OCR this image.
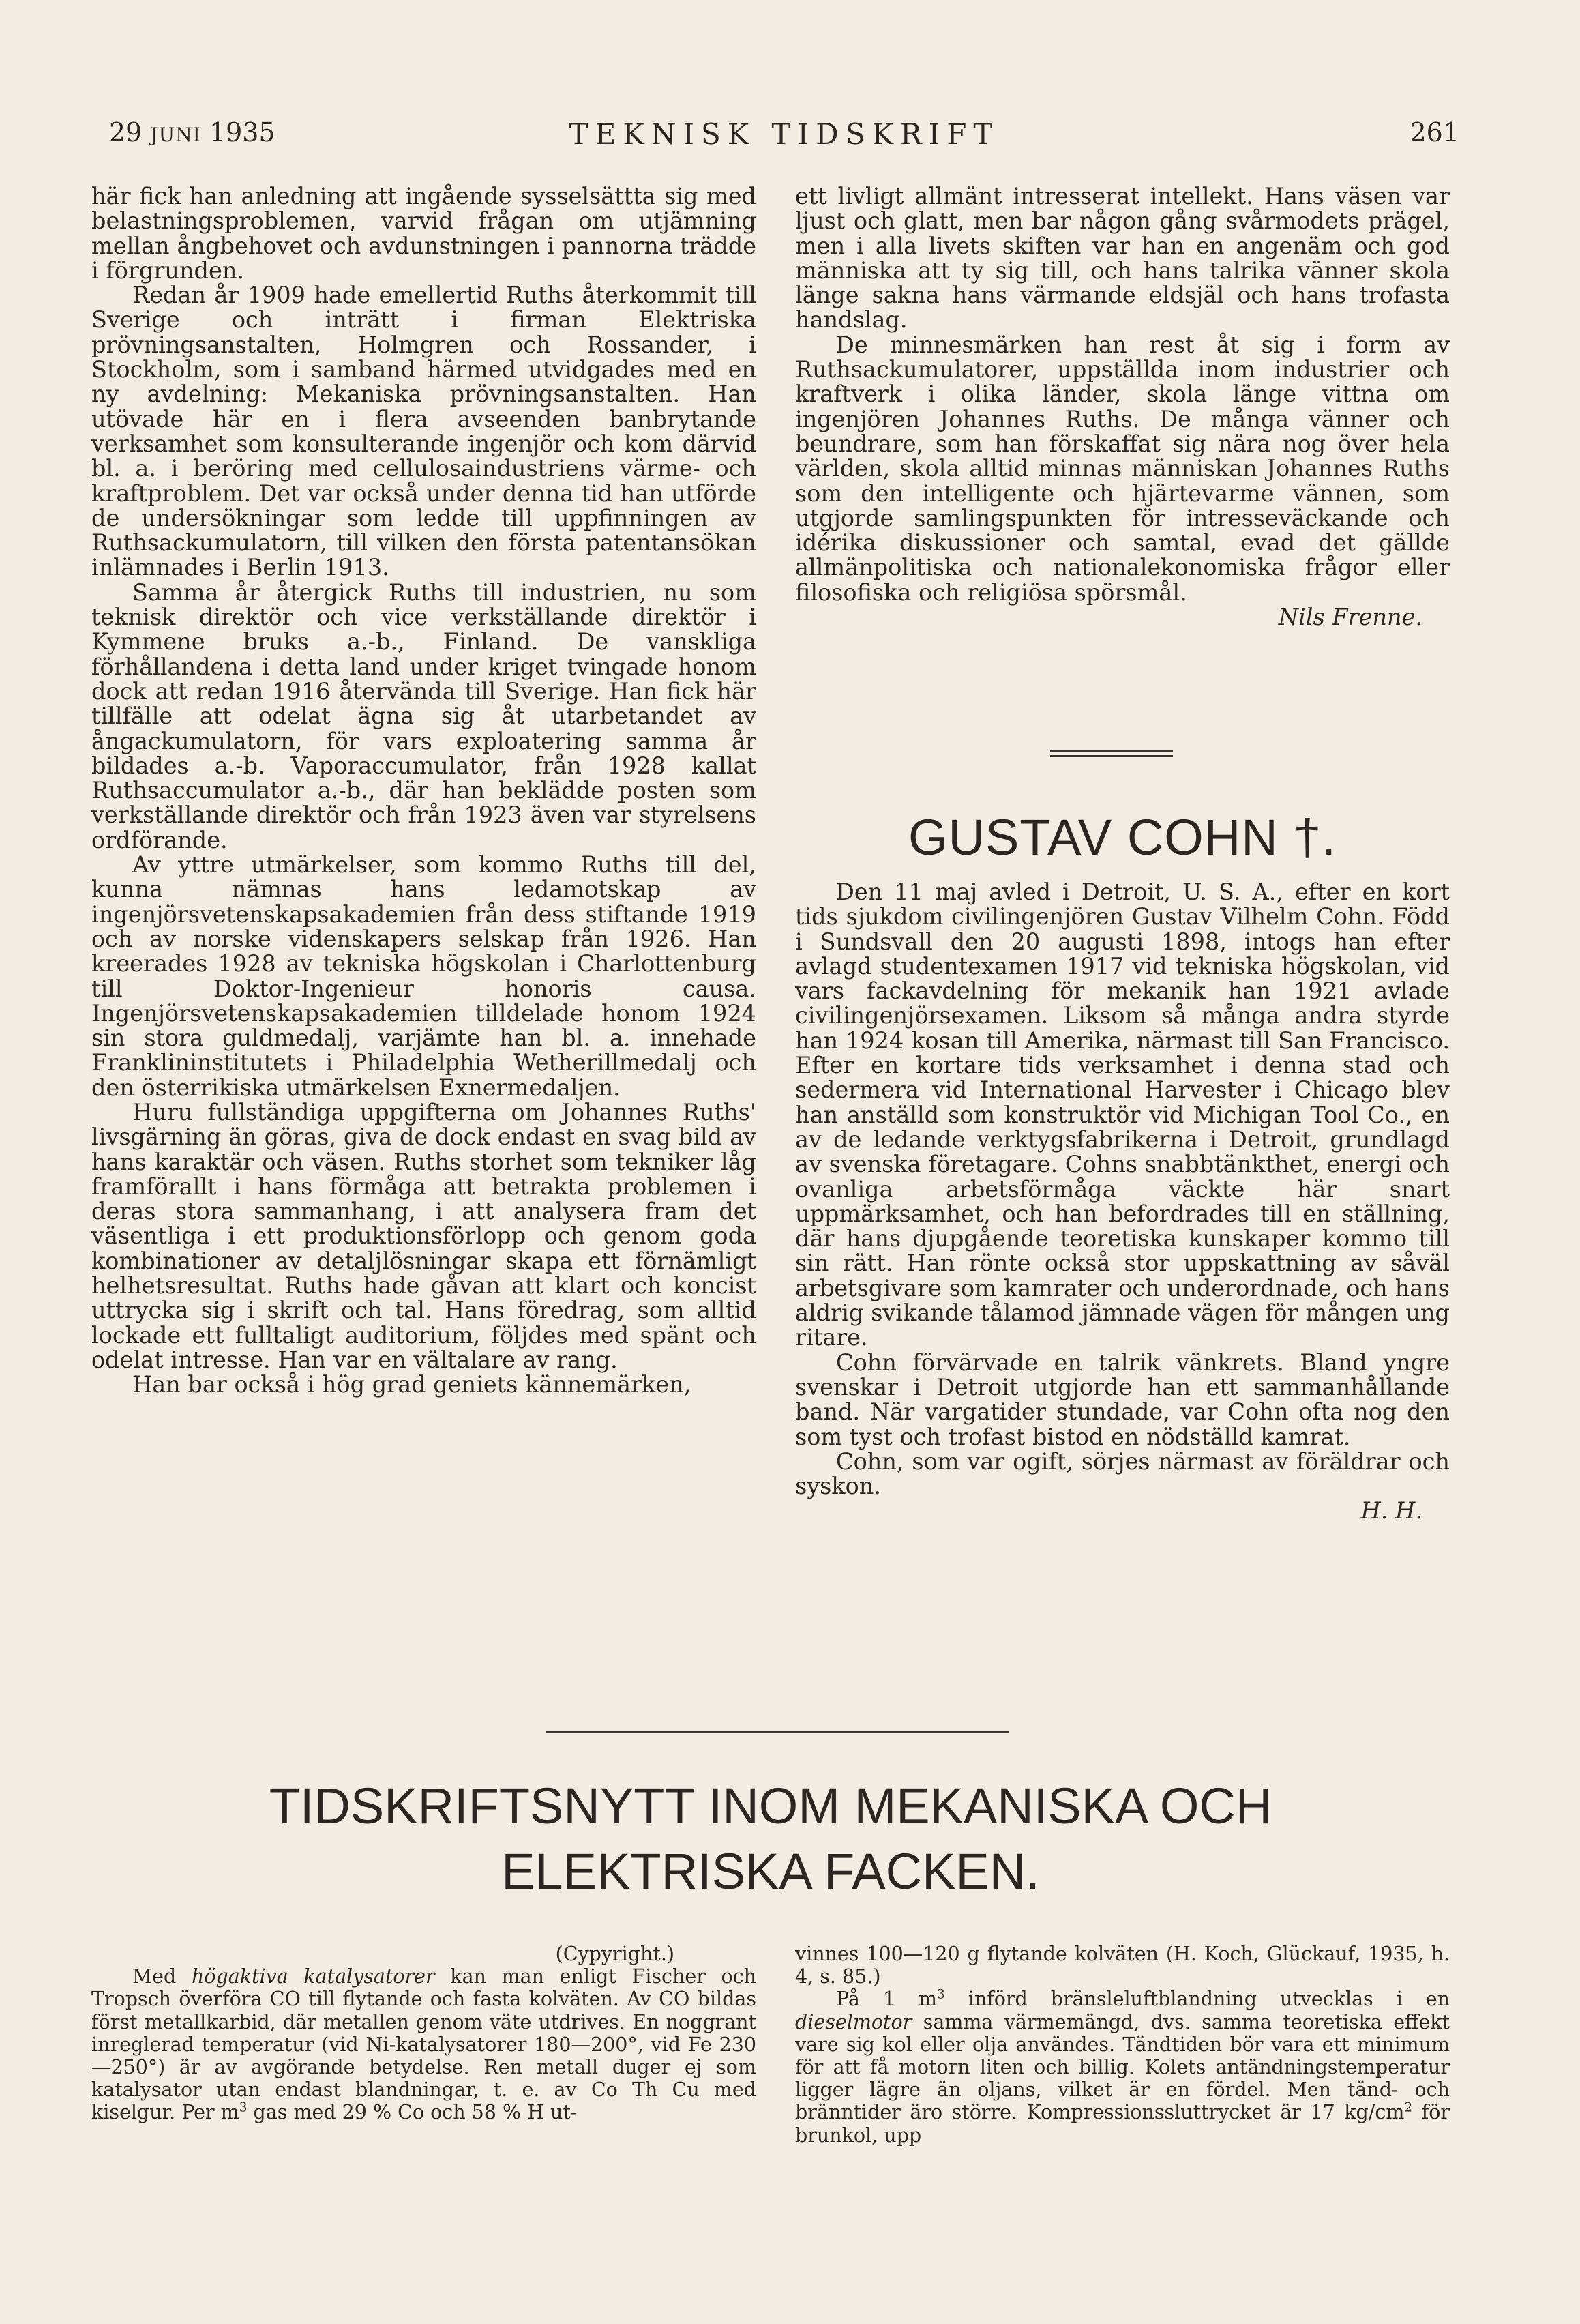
29 JUNI 1935	TEKNISK TIDSKRIFT	261

här fick han anledning att ingående sysselsättta sig med belastningsproblemen, varvid frågan om utjämning mellan ångbehovet och avdunstningen i pannorna trädde i förgrunden.

Redan år 1909 hade emellertid Ruths återkommit till Sverige och inträtt i firman Elektriska prövningsanstalten, Holmgren och Rossander, i Stockholm, som i samband härmed utvidgades med en ny avdelning: Mekaniska prövningsanstalten. Han utövade här en i flera avseenden banbrytande verksamhet som konsulterande ingenjör och kom därvid bl. a. i beröring med cellulosaindustriens värme- och kraftproblem. Det var också under denna tid han utförde de undersökningar som ledde till uppfinningen av Ruthsackumulatorn, till vilken den första patentansökan inlämnades i Berlin 1913.

Samma år återgick Ruths till industrien, nu som teknisk direktör och vice verkställande direktör i Kymmene bruks a.-b., Finland. De vanskliga förhållandena i detta land under kriget tvingade honom dock att redan 1916 återvända till Sverige. Han fick här tillfälle att odelat ägna sig åt utarbetandet av ångackumulatorn, för vars exploatering samma år bildades a.-b. Vaporaccumulator, från 1928 kallat Ruthsaccumulator a.-b., där han beklädde posten som verkställande direktör och från 1923 även var styrelsens ordförande.

Av yttre utmärkelser, som kommo Ruths till del, kunna nämnas hans ledamotskap av ingenjörsvetenskapsakademien från dess stiftande 1919 och av norske videnskapers selskap från 1926. Han kreerades 1928 av tekniska högskolan i Charlottenburg till Doktor-Ingenieur honoris causa. Ingenjörsvetenskapsakademien tilldelade honom 1924 sin stora guldmedalj, varjämte han bl. a. innehade Franklininstitutets i Philadelphia Wetherillmedalj och den österrikiska utmärkelsen Exnermedaljen.

Huru fullständiga uppgifterna om Johannes Ruths' livsgärning än göras, giva de dock endast en svag bild av hans karaktär och väsen. Ruths storhet som tekniker låg framförallt i hans förmåga att betrakta problemen i deras stora sammanhang, i att analysera fram det väsentliga i ett produktionsförlopp och genom goda kombinationer av detaljlösningar skapa ett förnämligt helhetsresultat. Ruths hade gåvan att klart och koncist uttrycka sig i skrift och tal. Hans föredrag, som alltid lockade ett fulltaligt auditorium, följdes med spänt och odelat intresse. Han var en vältalare av rang.

Han bar också i hög grad geniets kännemärken,

ett livligt allmänt intresserat intellekt. Hans väsen var ljust och glatt, men bar någon gång svårmodets prägel, men i alla livets skiften var han en angenäm och god människa att ty sig till, och hans talrika vänner skola länge sakna hans värmande eldsjäl och hans trofasta handslag.

De minnesmärken han rest åt sig i form av Ruthsackumulatorer, uppställda inom industrier och kraftverk i olika länder, skola länge vittna om ingenjören Johannes Ruths. De många vänner och beundrare, som han förskaffat sig nära nog över hela världen, skola alltid minnas människan Johannes Ruths som den intelligente och hjärtevarme vännen, som utgjorde samlingspunkten för intresseväckande och idérika diskussioner och samtal, evad det gällde allmänpolitiska och nationalekonomiska frågor eller filosofiska och religiösa spörsmål.

Nils Frenne.

GUSTAV COHN †.

Den 11 maj avled i Detroit, U. S. A., efter en kort tids sjukdom civilingenjören Gustav Vilhelm Cohn. Född i Sundsvall den 20 augusti 1898, intogs han efter avlagd studentexamen 1917 vid tekniska högskolan, vid vars fackavdelning för mekanik han 1921 avlade civilingenjörsexamen. Liksom så många andra styrde han 1924 kosan till Amerika, närmast till San Francisco. Efter en kortare tids verksamhet i denna stad och sedermera vid International Harvester i Chicago blev han anställd som konstruktör vid Michigan Tool Co., en av de ledande verktygsfabrikerna i Detroit, grundlagd av svenska företagare. Cohns snabbtänkthet, energi och ovanliga arbetsförmåga väckte här snart uppmärksamhet, och han befordrades till en ställning, där hans djupgående teoretiska kunskaper kommo till sin rätt. Han rönte också stor uppskattning av såväl arbetsgivare som kamrater och underordnade, och hans aldrig svikande tålamod jämnade vägen för mången ung ritare.

Cohn förvärvade en talrik vänkrets. Bland yngre svenskar i Detroit utgjorde han ett sammanhållande band. När vargatider stundade, var Cohn ofta nog den som tyst och trofast bistod en nödställd kamrat.

Cohn, som var ogift, sörjes närmast av föräldrar och syskon.

H. H.

TIDSKRIFTSNYTT INOM MEKANISKA OCH
ELEKTRISKA FACKEN.
(Cypyright.)

Med högaktiva katalysatorer kan man enligt Fischer och Tropsch överföra CO till flytande och fasta kolväten. Av CO bildas först metallkarbid, där metallen genom väte utdrives. En noggrant inreglerad temperatur (vid Ni-katalysatorer 180—200°, vid Fe 230—250°) är av avgörande betydelse. Ren metall duger ej som katalysator utan endast blandningar, t. e. av Co Th Cu med kiselgur. Per $m^3$ gas med 29 % Co och 58 % H ut-

vinnes 100—120 g flytande kolväten (H. Koch, Glückauf, 1935, h. 4, s. 85.)

På 1 $m^3$ införd bränsleluftblandning utvecklas i en dieselmotor samma värmemängd, dvs. samma teoretiska effekt vare sig kol eller olja användes. Tändtiden bör vara ett minimum för att få motorn liten och billig. Kolets antändningstemperatur ligger lägre än oljans, vilket är en fördel. Men tänd- och bränntider äro större. Kompressionssluttrycket är 17 $kg/cm^2$ för brunkol, upp
